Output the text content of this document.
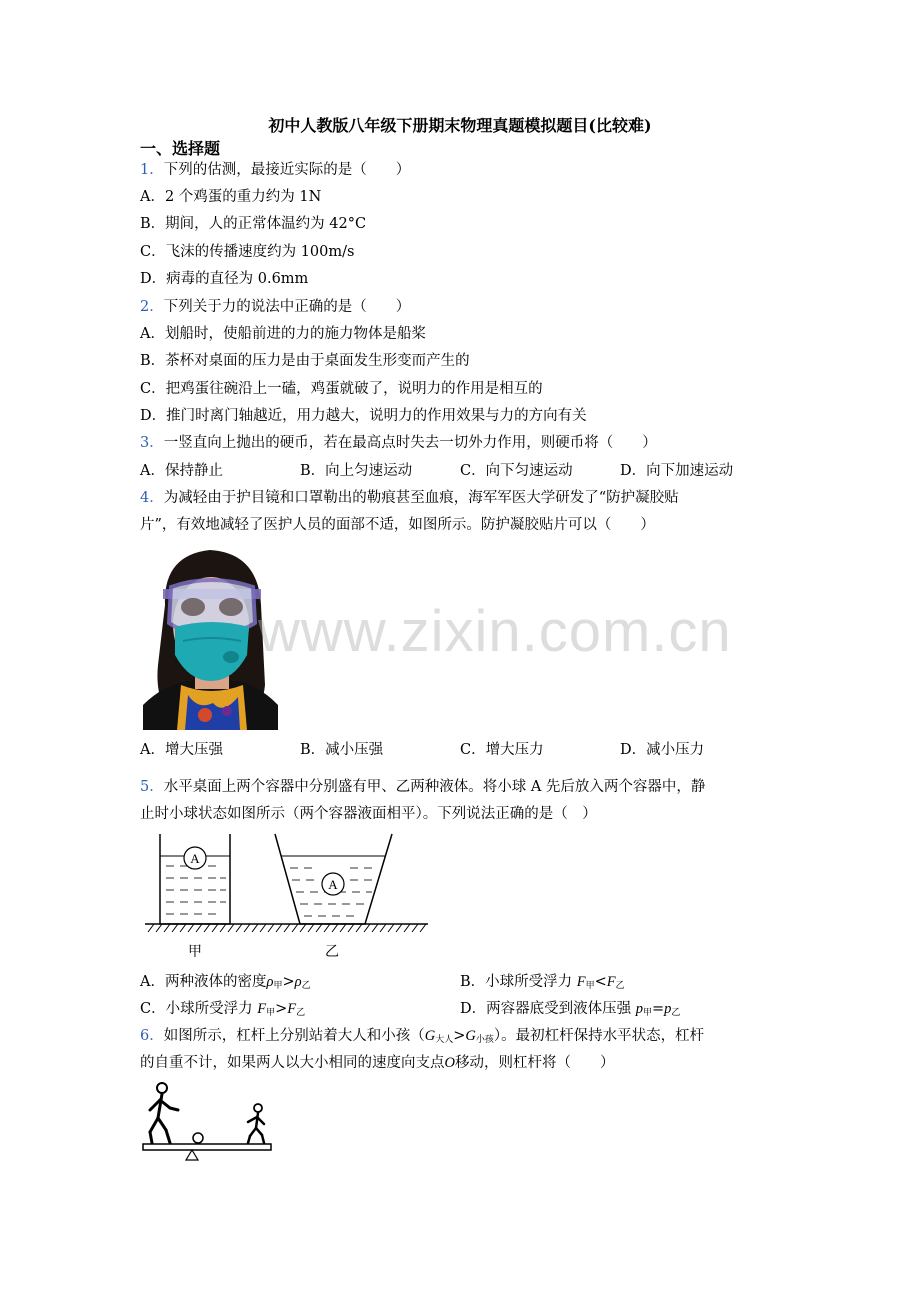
初中人教版八年级下册期末物理真题模拟题目(比较难)
一、选择题
1．下列的估测，最接近实际的是（　　）
A．2 个鸡蛋的重力约为 1N
B．期间，人的正常体温约为 42°C
C．飞沫的传播速度约为 100m/s
D．病毒的直径为 0.6mm
2．下列关于力的说法中正确的是（　　）
A．划船时，使船前进的力的施力物体是船桨
B．茶杯对桌面的压力是由于桌面发生形变而产生的
C．把鸡蛋往碗沿上一磕，鸡蛋就破了，说明力的作用是相互的
D．推门时离门轴越近，用力越大，说明力的作用效果与力的方向有关
3．一竖直向上抛出的硬币，若在最高点时失去一切外力作用，则硬币将（　　）
A．保持静止	B．向上匀速运动	C．向下匀速运动	D．向下加速运动
4．为减轻由于护目镜和口罩勒出的勒痕甚至血痕，海军军医大学研发了“防护凝胶贴
片”，有效地减轻了医护人员的面部不适，如图所示。防护凝胶贴片可以（　　）
www.zixin.com.cn
A．增大压强	B．减小压强	C．增大压力	D．减小压力
5．水平桌面上两个容器中分别盛有甲、乙两种液体。将小球 A 先后放入两个容器中，静
止时小球状态如图所示（两个容器液面相平）。下列说法正确的是（　）
A
A
甲	乙
A．两种液体的密度$\rho_甲>\rho_乙$	B．小球所受浮力 $F_甲<F_乙$
C．小球所受浮力 $F_甲>F_乙$	D．两容器底受到液体压强 $p_甲=p_乙$
6．如图所示，杠杆上分别站着大人和小孩$(G_{大人}>G_{小孩})$。最初杠杆保持水平状态，杠杆
的自重不计，如果两人以大小相同的速度向支点O移动，则杠杆将（　　）
